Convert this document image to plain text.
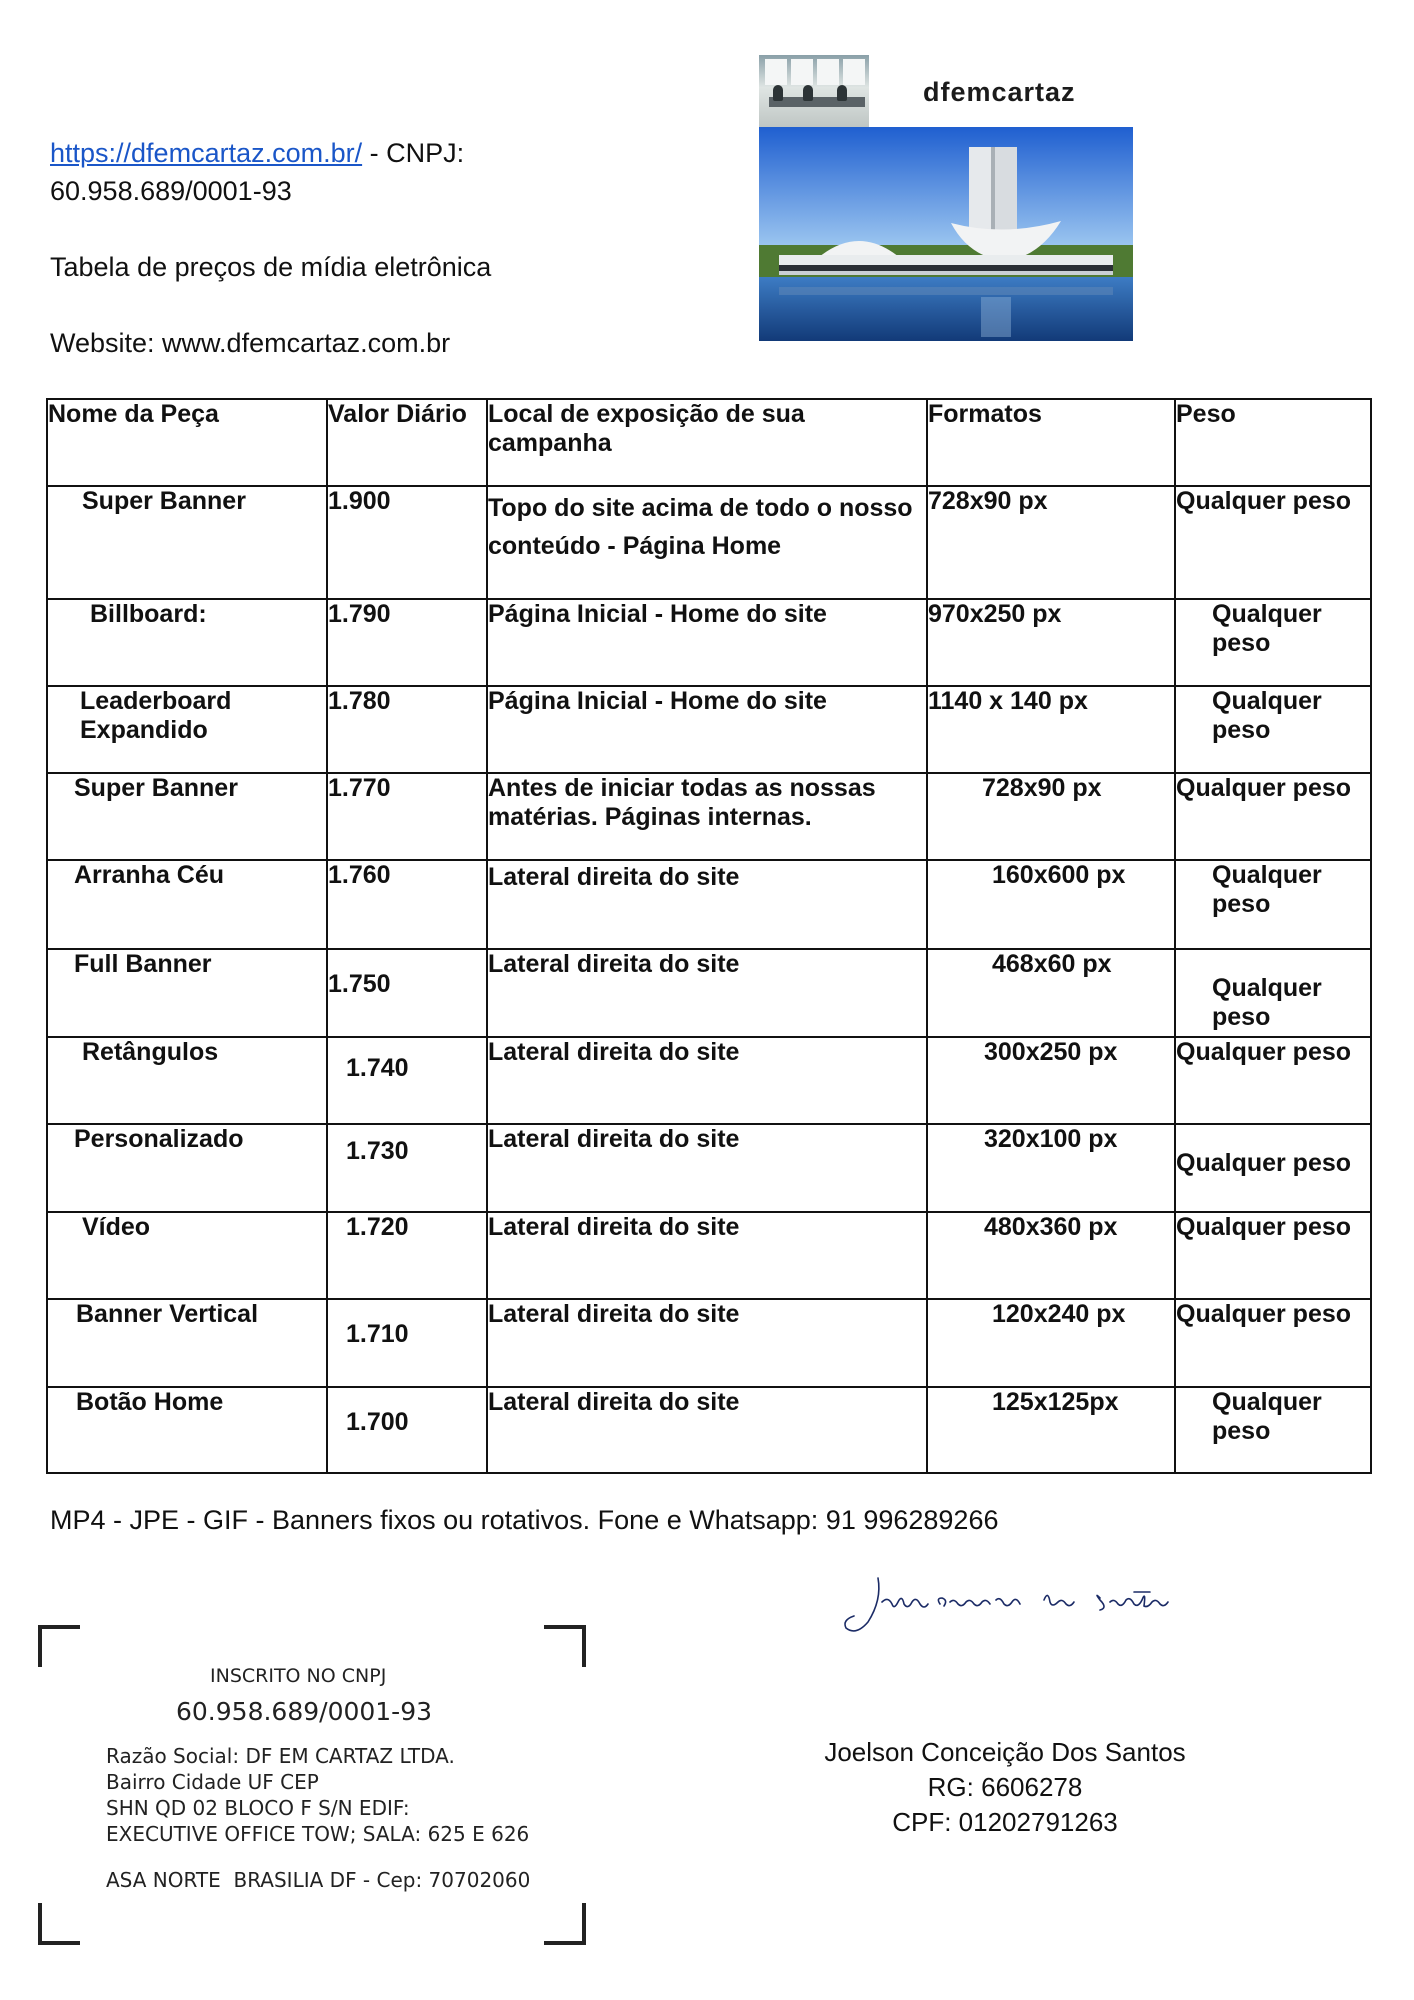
https://dfemcartaz.com.br/ - CNPJ:

60.958.689/0001-93

Tabela de preços de mídia eletrônica

Website: www.dfemcartaz.com.br

dfemcartaz
Nome da Peça	Valor Diário	Local de exposição de sua campanha	Formatos	Peso
Super Banner	1.900	Topo do site acima de todo o nosso conteúdo - Página Home	728x90 px	Qualquer peso
Billboard:	1.790	Página Inicial - Home do site	970x250 px	Qualquer peso
Leaderboard Expandido	1.780	Página Inicial - Home do site	1140 x 140 px	Qualquer peso
Super Banner	1.770	Antes de iniciar todas as nossas matérias. Páginas internas.	728x90 px	Qualquer peso
Arranha Céu	1.760	Lateral direita do site	160x600 px	Qualquer peso
Full Banner	1.750	Lateral direita do site	468x60 px	Qualquer peso
Retângulos	1.740	Lateral direita do site	300x250 px	Qualquer peso
Personalizado	1.730	Lateral direita do site	320x100 px	Qualquer peso
Vídeo	1.720	Lateral direita do site	480x360 px	Qualquer peso
Banner Vertical	1.710	Lateral direita do site	120x240 px	Qualquer peso
Botão Home	1.700	Lateral direita do site	125x125px	Qualquer peso
MP4 - JPE - GIF - Banners fixos ou rotativos. Fone e Whatsapp: 91 996289266

Joelson Conceição Dos Santos

RG: 6606278

CPF: 01202791263

INSCRITO NO CNPJ
60.958.689/0001-93

Razão Social: DF EM CARTAZ LTDA.

Bairro Cidade UF CEP

SHN QD 02 BLOCO F S/N EDIF:

EXECUTIVE OFFICE TOW; SALA: 625 E 626

ASA NORTE  BRASILIA DF - Cep: 70702060
